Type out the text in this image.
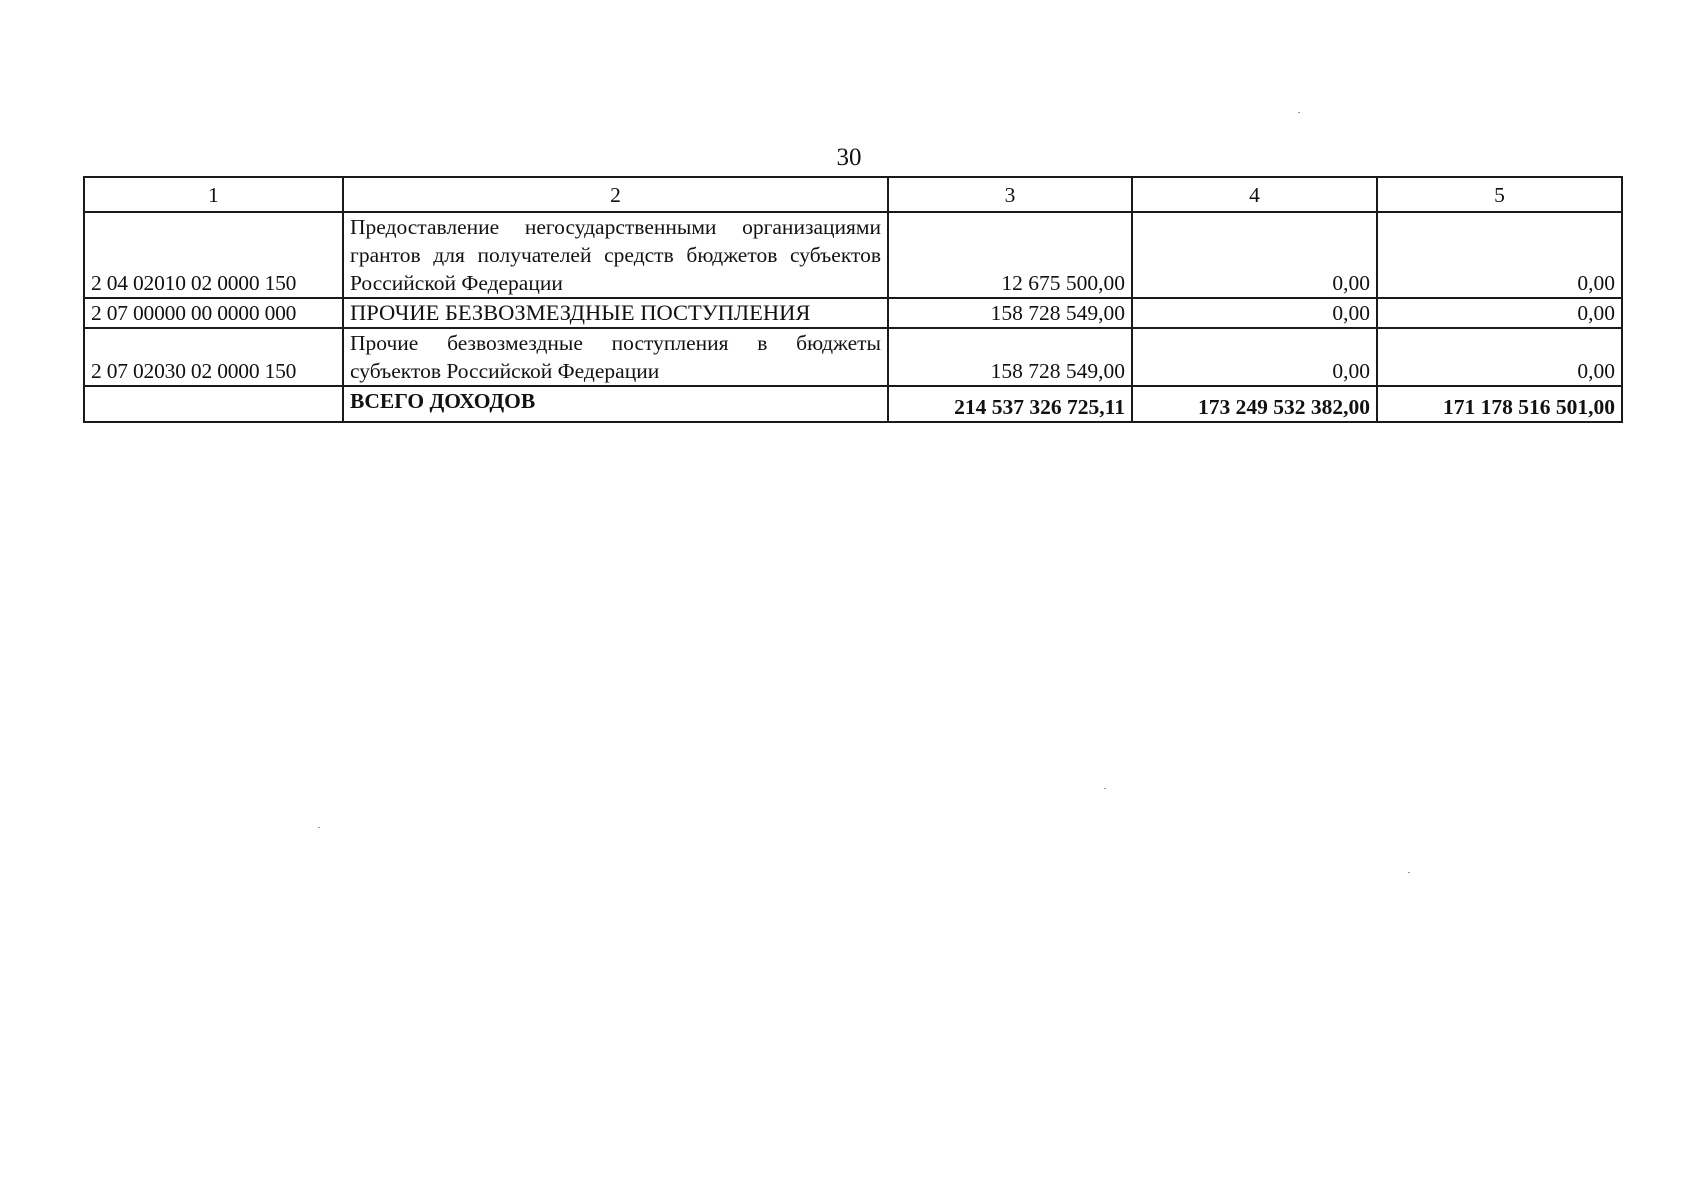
30
1	2	3	4	5
2 04 02010 02 0000 150	Предоставление негосударственными организациями грантов для получателей средств бюджетов субъектов Российской Федерации	12 675 500,00	0,00	0,00
2 07 00000 00 0000 000	ПРОЧИЕ БЕЗВОЗМЕЗДНЫЕ ПОСТУПЛЕНИЯ	158 728 549,00	0,00	0,00
2 07 02030 02 0000 150	Прочие безвозмездные поступления в бюджеты субъектов Российской Федерации	158 728 549,00	0,00	0,00
	ВСЕГО ДОХОДОВ	214 537 326 725,11	173 249 532 382,00	171 178 516 501,00
